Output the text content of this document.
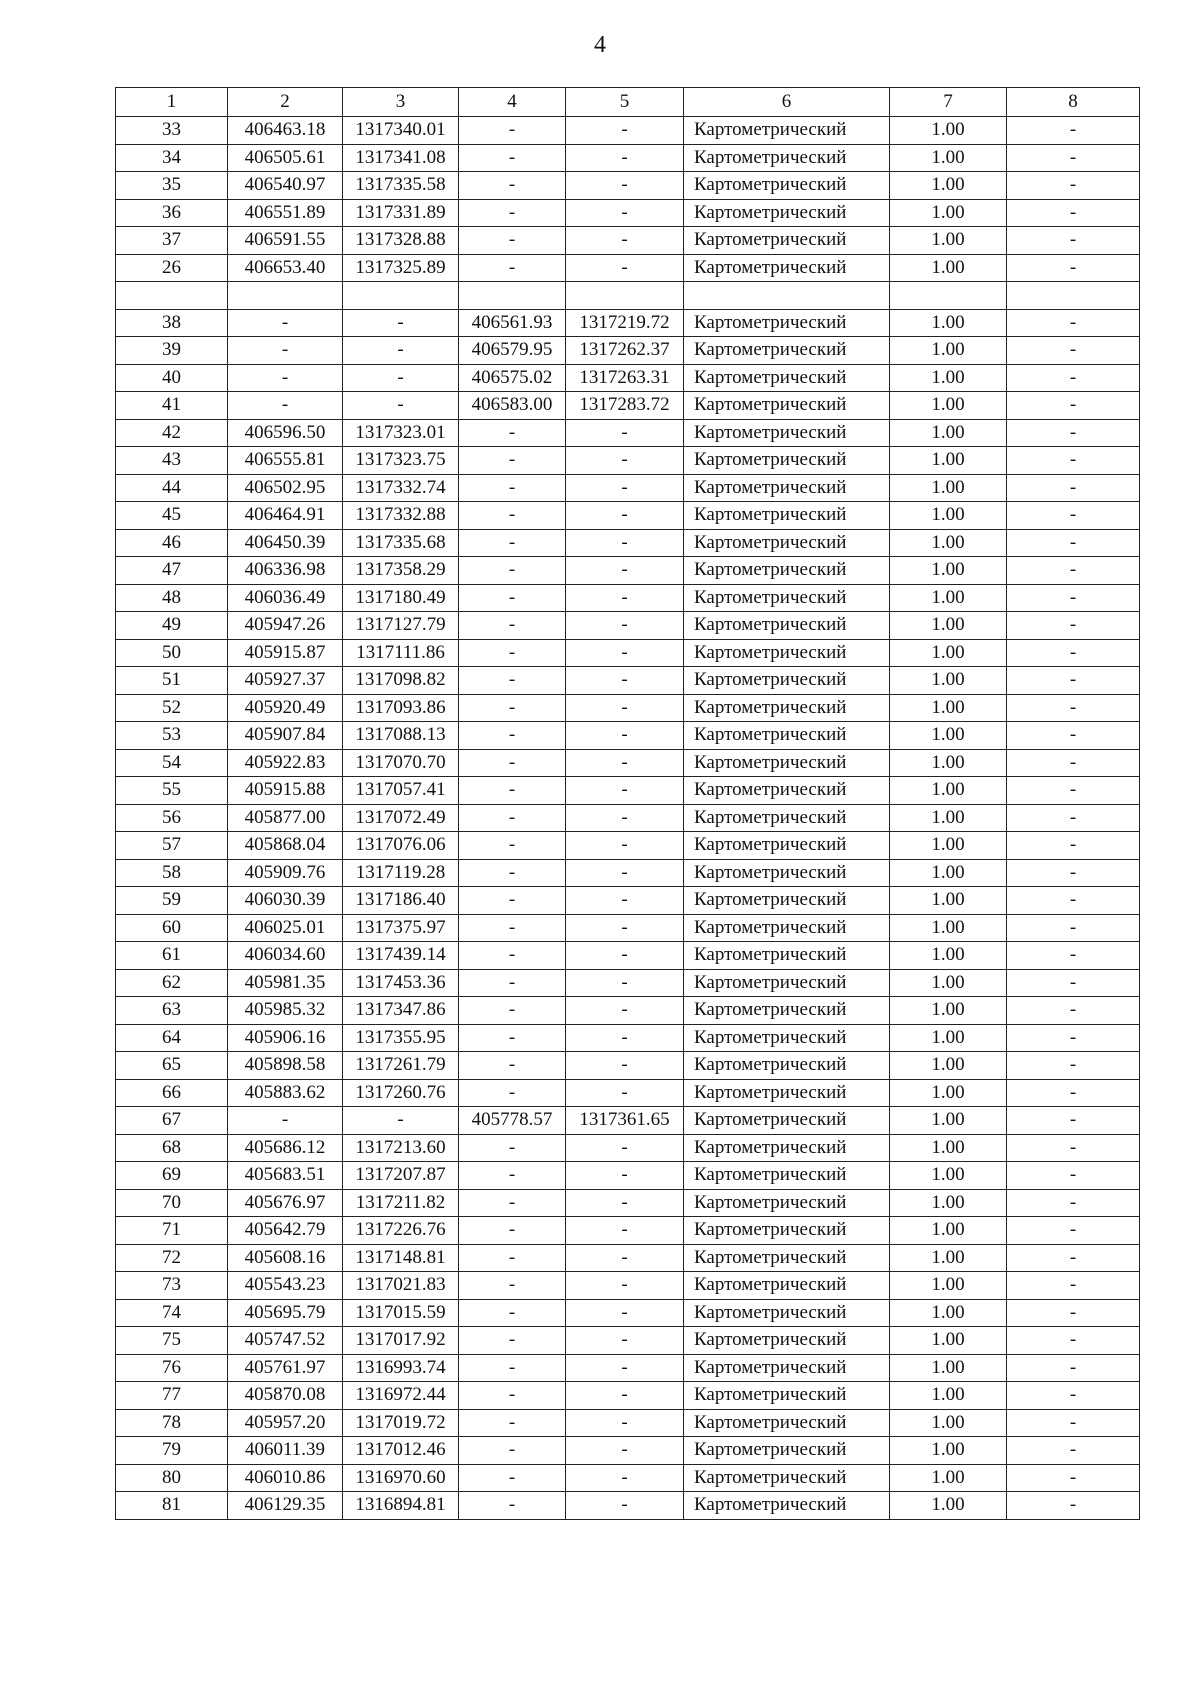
4
1	2	3	4	5	6	7	8
33	406463.18	1317340.01	-	-	Картометрический	1.00	-
34	406505.61	1317341.08	-	-	Картометрический	1.00	-
35	406540.97	1317335.58	-	-	Картометрический	1.00	-
36	406551.89	1317331.89	-	-	Картометрический	1.00	-
37	406591.55	1317328.88	-	-	Картометрический	1.00	-
26	406653.40	1317325.89	-	-	Картометрический	1.00	-

38	-	-	406561.93	1317219.72	Картометрический	1.00	-
39	-	-	406579.95	1317262.37	Картометрический	1.00	-
40	-	-	406575.02	1317263.31	Картометрический	1.00	-
41	-	-	406583.00	1317283.72	Картометрический	1.00	-
42	406596.50	1317323.01	-	-	Картометрический	1.00	-
43	406555.81	1317323.75	-	-	Картометрический	1.00	-
44	406502.95	1317332.74	-	-	Картометрический	1.00	-
45	406464.91	1317332.88	-	-	Картометрический	1.00	-
46	406450.39	1317335.68	-	-	Картометрический	1.00	-
47	406336.98	1317358.29	-	-	Картометрический	1.00	-
48	406036.49	1317180.49	-	-	Картометрический	1.00	-
49	405947.26	1317127.79	-	-	Картометрический	1.00	-
50	405915.87	1317111.86	-	-	Картометрический	1.00	-
51	405927.37	1317098.82	-	-	Картометрический	1.00	-
52	405920.49	1317093.86	-	-	Картометрический	1.00	-
53	405907.84	1317088.13	-	-	Картометрический	1.00	-
54	405922.83	1317070.70	-	-	Картометрический	1.00	-
55	405915.88	1317057.41	-	-	Картометрический	1.00	-
56	405877.00	1317072.49	-	-	Картометрический	1.00	-
57	405868.04	1317076.06	-	-	Картометрический	1.00	-
58	405909.76	1317119.28	-	-	Картометрический	1.00	-
59	406030.39	1317186.40	-	-	Картометрический	1.00	-
60	406025.01	1317375.97	-	-	Картометрический	1.00	-
61	406034.60	1317439.14	-	-	Картометрический	1.00	-
62	405981.35	1317453.36	-	-	Картометрический	1.00	-
63	405985.32	1317347.86	-	-	Картометрический	1.00	-
64	405906.16	1317355.95	-	-	Картометрический	1.00	-
65	405898.58	1317261.79	-	-	Картометрический	1.00	-
66	405883.62	1317260.76	-	-	Картометрический	1.00	-
67	-	-	405778.57	1317361.65	Картометрический	1.00	-
68	405686.12	1317213.60	-	-	Картометрический	1.00	-
69	405683.51	1317207.87	-	-	Картометрический	1.00	-
70	405676.97	1317211.82	-	-	Картометрический	1.00	-
71	405642.79	1317226.76	-	-	Картометрический	1.00	-
72	405608.16	1317148.81	-	-	Картометрический	1.00	-
73	405543.23	1317021.83	-	-	Картометрический	1.00	-
74	405695.79	1317015.59	-	-	Картометрический	1.00	-
75	405747.52	1317017.92	-	-	Картометрический	1.00	-
76	405761.97	1316993.74	-	-	Картометрический	1.00	-
77	405870.08	1316972.44	-	-	Картометрический	1.00	-
78	405957.20	1317019.72	-	-	Картометрический	1.00	-
79	406011.39	1317012.46	-	-	Картометрический	1.00	-
80	406010.86	1316970.60	-	-	Картометрический	1.00	-
81	406129.35	1316894.81	-	-	Картометрический	1.00	-
